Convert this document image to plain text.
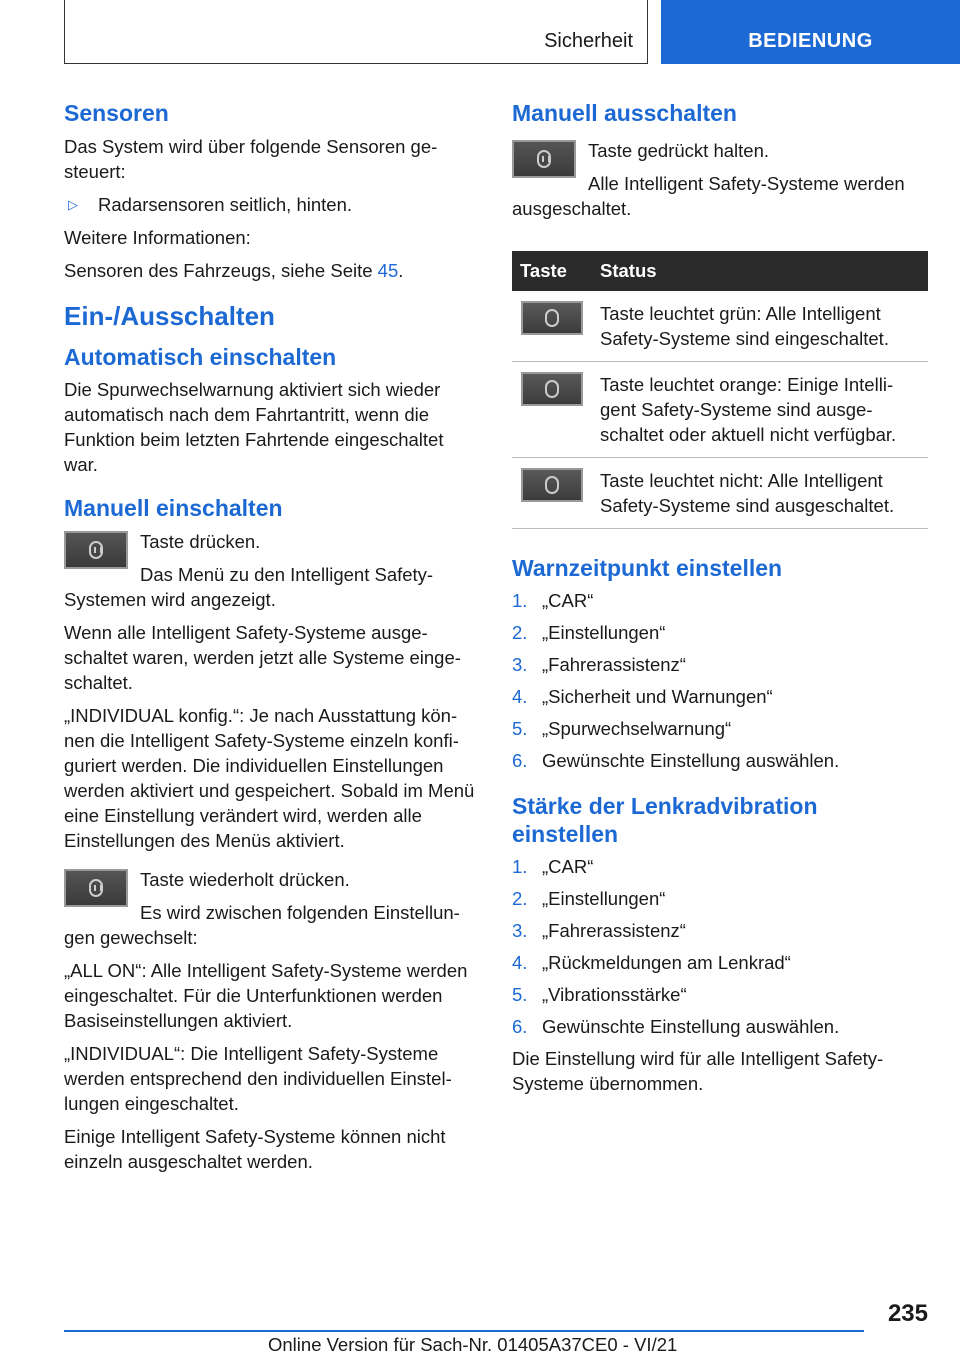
Sicherheit	BEDIENUNG
Sensoren

Das System wird über folgende Sensoren gesteuert:

▷	Radarsensoren seitlich, hinten.

Weitere Informationen:

Sensoren des Fahrzeugs, siehe Seite 45.

Ein-/Ausschalten
Automatisch einschalten

Die Spurwechselwarnung aktiviert sich wieder automatisch nach dem Fahrtantritt, wenn die Funktion beim letzten Fahrtende eingeschaltet war.

Manuell einschalten

Taste drücken.

Das Menü zu den Intelligent Safety-Systemen wird angezeigt.

Wenn alle Intelligent Safety-Systeme ausgeschaltet waren, werden jetzt alle Systeme eingeschaltet.

„INDIVIDUAL konfig.“: Je nach Ausstattung können die Intelligent Safety-Systeme einzeln konfiguriert werden. Die individuellen Einstellungen werden aktiviert und gespeichert. Sobald im Menü eine Einstellung verändert wird, werden alle Einstellungen des Menüs aktiviert.

Taste wiederholt drücken.

Es wird zwischen folgenden Einstellungen gewechselt:

„ALL ON“: Alle Intelligent Safety-Systeme werden eingeschaltet. Für die Unterfunktionen werden Basiseinstellungen aktiviert.

„INDIVIDUAL“: Die Intelligent Safety-Systeme werden entsprechend den individuellen Einstellungen eingeschaltet.

Einige Intelligent Safety-Systeme können nicht einzeln ausgeschaltet werden.

Manuell ausschalten

Taste gedrückt halten.

Alle Intelligent Safety-Systeme werden ausgeschaltet.

Taste	Status

	Taste leuchtet grün: Alle Intelligent Safety-Systeme sind eingeschaltet.

	Taste leuchtet orange: Einige Intelligent Safety-Systeme sind ausgeschaltet oder aktuell nicht verfügbar.

	Taste leuchtet nicht: Alle Intelligent Safety-Systeme sind ausgeschaltet.
Warnzeitpunkt einstellen
1. „CAR“
2. „Einstellungen“
3. „Fahrerassistenz“
4. „Sicherheit und Warnungen“
5. „Spurwechselwarnung“
6. Gewünschte Einstellung auswählen.
Stärke der Lenkradvibration einstellen
1. „CAR“
2. „Einstellungen“
3. „Fahrerassistenz“
4. „Rückmeldungen am Lenkrad“
5. „Vibrationsstärke“
6. Gewünschte Einstellung auswählen.

Die Einstellung wird für alle Intelligent Safety-Systeme übernommen.

235
Online Version für Sach-Nr. 01405A37CE0 - VI/21
